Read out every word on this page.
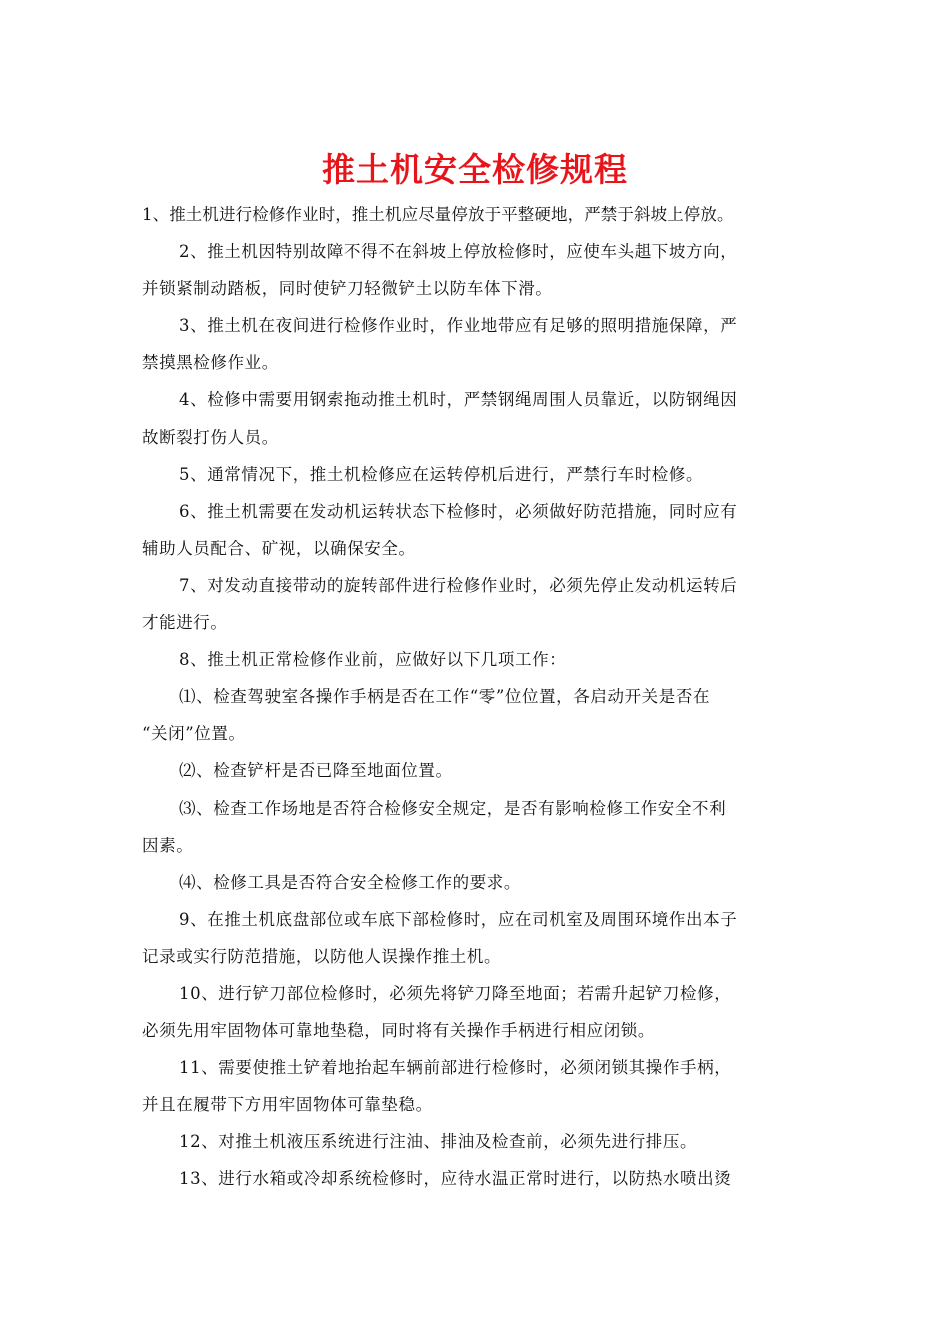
推土机安全检修规程
1、推土机进行检修作业时，推土机应尽量停放于平整硬地，严禁于斜坡上停放。
2、推土机因特别故障不得不在斜坡上停放检修时，应使车头趄下坡方向，
并锁紧制动踏板，同时使铲刀轻微铲土以防车体下滑。
3、推土机在夜间进行检修作业时，作业地带应有足够的照明措施保障，严
禁摸黑检修作业。
4、检修中需要用钢索拖动推土机时，严禁钢绳周围人员靠近，以防钢绳因
故断裂打伤人员。
5、通常情况下，推土机检修应在运转停机后进行，严禁行车时检修。
6、推土机需要在发动机运转状态下检修时，必须做好防范措施，同时应有
辅助人员配合、矿视，以确保安全。
7、对发动直接带动的旋转部件进行检修作业时，必须先停止发动机运转后
才能进行。
8、推土机正常检修作业前，应做好以下几项工作：
⑴、检查驾驶室各操作手柄是否在工作“零”位位置，各启动开关是否在
“关闭”位置。
⑵、检查铲杆是否已降至地面位置。
⑶、检查工作场地是否符合检修安全规定，是否有影响检修工作安全不利
因素。
⑷、检修工具是否符合安全检修工作的要求。
9、在推土机底盘部位或车底下部检修时，应在司机室及周围环境作出本子
记录或实行防范措施，以防他人误操作推土机。
10、进行铲刀部位检修时，必须先将铲刀降至地面；若需升起铲刀检修，
必须先用牢固物体可靠地垫稳，同时将有关操作手柄进行相应闭锁。
11、需要使推土铲着地抬起车辆前部进行检修时，必须闭锁其操作手柄，
并且在履带下方用牢固物体可靠垫稳。
12、对推土机液压系统进行注油、排油及检查前，必须先进行排压。
13、进行水箱或冷却系统检修时，应待水温正常时进行，以防热水喷出烫
